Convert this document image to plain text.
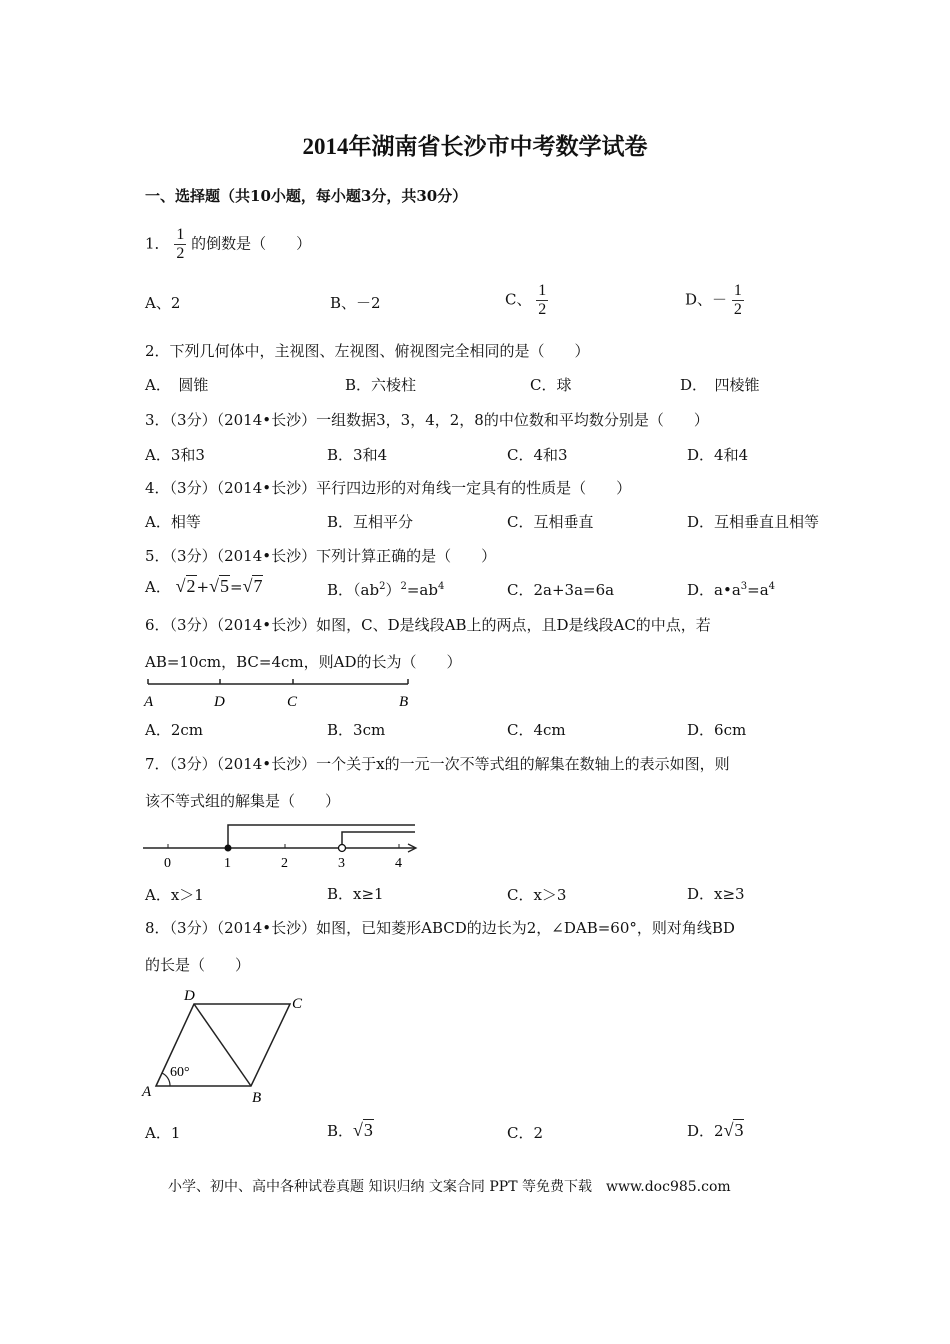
2014年湖南省长沙市中考数学试卷
一、选择题（共10小题，每小题3分，共30分）
1． $\frac{1}{2}$ 的倒数是（　　）
A、2	B、－2	C、 $\frac{1}{2}$	D、－ $\frac{1}{2}$
2．下列几何体中，主视图、左视图、俯视图完全相同的是（　　）
A．　圆锥	B．六棱柱	C．球	D．　四棱锥
3．（3分）（2014•长沙）一组数据3，3，4，2，8的中位数和平均数分别是（　　）
A．3和3	B．3和4	C．4和3	D．4和4
4．（3分）（2014•长沙）平行四边形的对角线一定具有的性质是（　　）
A．相等	B．互相平分	C．互相垂直	D．互相垂直且相等
5．（3分）（2014•长沙）下列计算正确的是（　　）
A． √2+√5=√7	B．$(ab^2)^2=ab^4$	C．2a+3a=6a	D．$a•a^3=a^4$
6．（3分）（2014•长沙）如图，C、D是线段AB上的两点，且D是线段AC的中点，若
AB=10cm，BC=4cm，则AD的长为（　　）
A	D	C	B
A．2cm	B．3cm	C．4cm	D．6cm
7．（3分）（2014•长沙）一个关于x的一元一次不等式组的解集在数轴上的表示如图，则
该不等式组的解集是（　　）
0	1	2	3	4
A．x＞1	B．x≥1	C．x＞3	D．x≥3
8．（3分）（2014•长沙）如图，已知菱形ABCD的边长为2，∠DAB=60°，则对角线BD
的长是（　　）
60°
A	B
C
D
A．1	B．√3	C．2	D．2√3
小学、初中、高中各种试卷真题 知识归纳 文案合同 PPT 等免费下载　www.doc985.com
